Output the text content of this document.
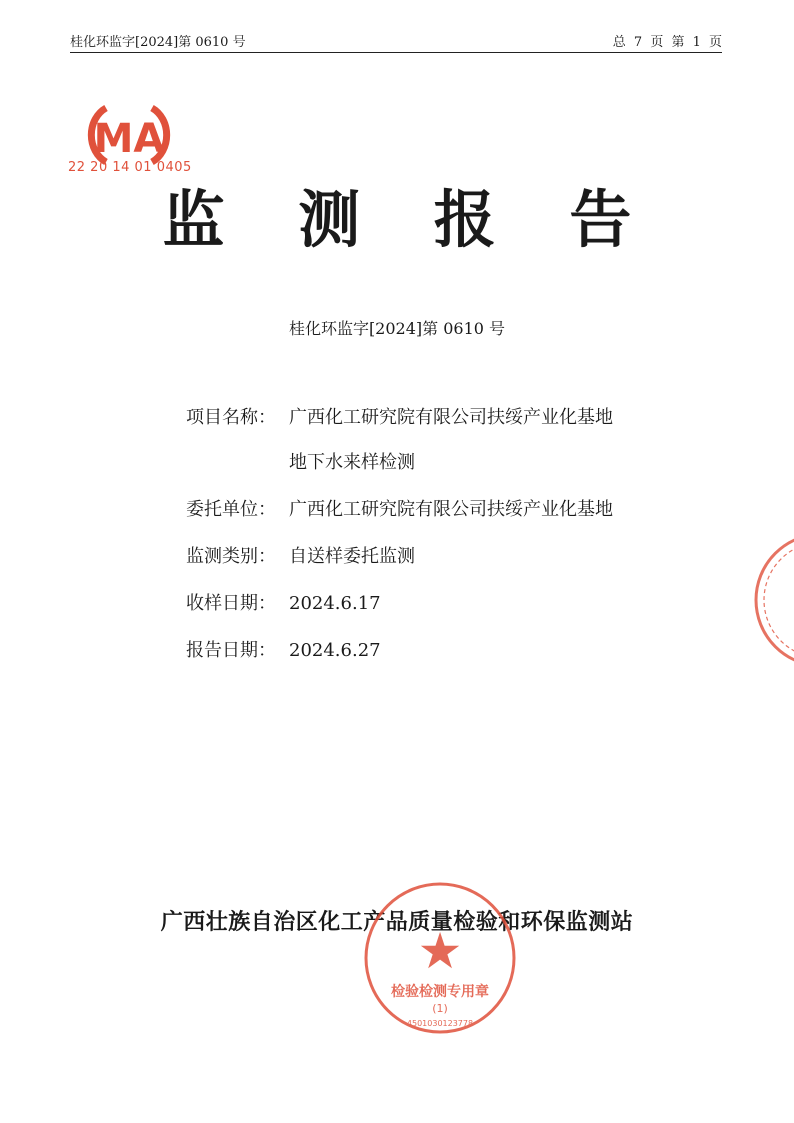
桂化环监字[2024]第 0610 号	总 7 页 第 1 页
MA
22 20 14 01 0405
监 测 报 告
桂化环监字[2024]第 0610 号
项目名称： 广西化工研究院有限公司扶绥产业化基地
地下水来样检测
委托单位： 广西化工研究院有限公司扶绥产业化基地
监测类别： 自送样委托监测
收样日期： 2024.6.17
报告日期： 2024.6.27
广西壮族自治区化工产品质量检验和环保监测站
★
检验检测专用章
(1)
4501030123778
